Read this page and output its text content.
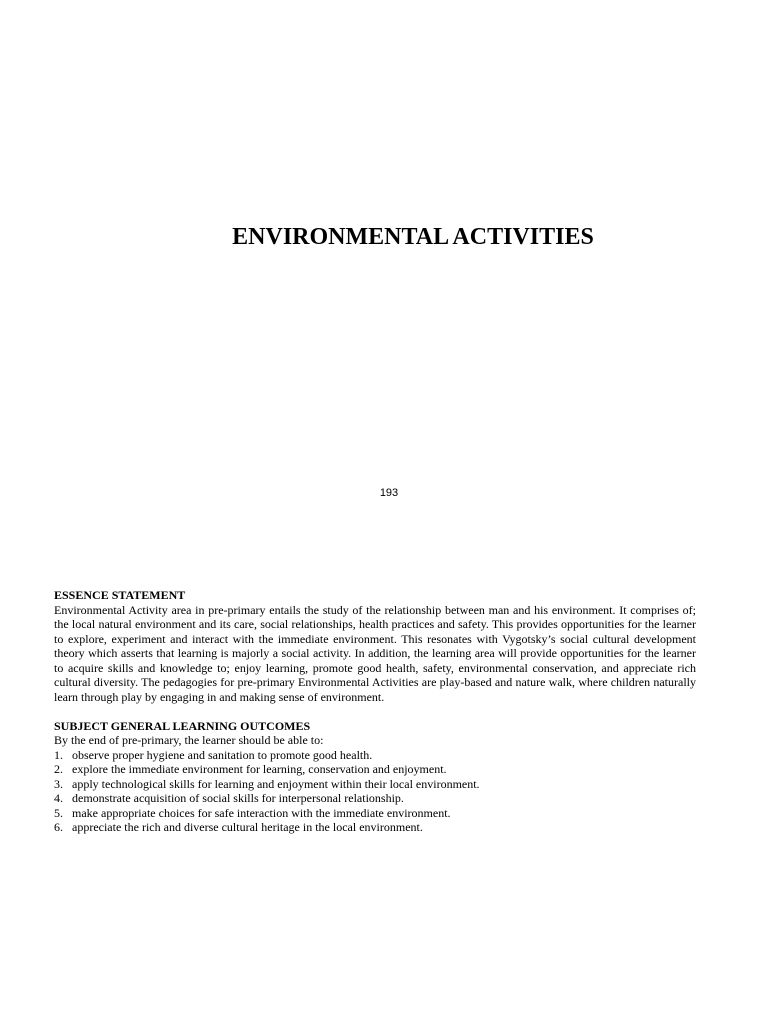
ENVIRONMENTAL ACTIVITIES
193
ESSENCE STATEMENT

Environmental Activity area in pre-primary entails the study of the relationship between man and his environment. It comprises of; the local natural environment and its care, social relationships, health practices and safety. This provides opportunities for the learner to explore, experiment and interact with the immediate environment. This resonates with Vygotsky’s social cultural development theory which asserts that learning is majorly a social activity. In addition, the learning area will provide opportunities for the learner to acquire skills and knowledge to; enjoy learning, promote good health, safety, environmental conservation, and appreciate rich cultural diversity. The pedagogies for pre-primary Environmental Activities are play-based and nature walk, where children naturally learn through play by engaging in and making sense of environment.

SUBJECT GENERAL LEARNING OUTCOMES

By the end of pre-primary, the learner should be able to:

1. observe proper hygiene and sanitation to promote good health.
2. explore the immediate environment for learning, conservation and enjoyment.
3. apply technological skills for learning and enjoyment within their local environment.
4. demonstrate acquisition of social skills for interpersonal relationship.
5. make appropriate choices for safe interaction with the immediate environment.
6. appreciate the rich and diverse cultural heritage in the local environment.
